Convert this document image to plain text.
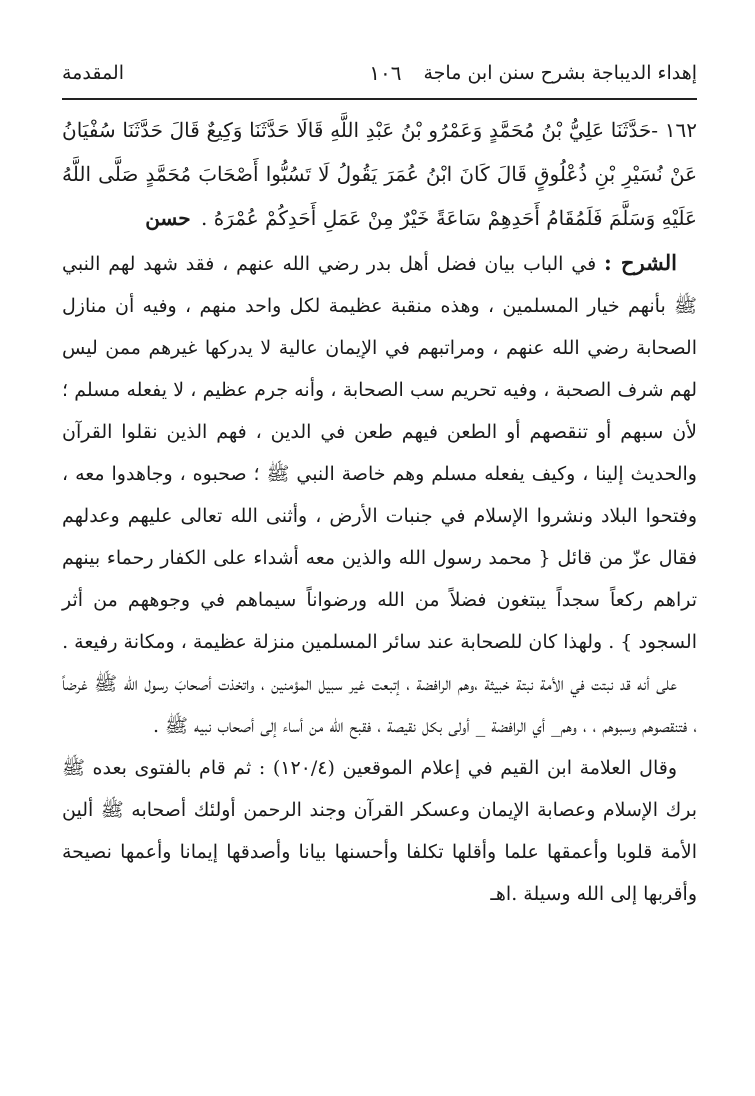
إهداء الديباجة بشرح سنن ابن ماجة
١٠٦
المقدمة

١٦٢ -حَدَّثَنَا عَلِيُّ بْنُ مُحَمَّدٍ وَعَمْرُو بْنُ عَبْدِ اللَّهِ قَالَا حَدَّثَنَا وَكِيعٌ قَالَ حَدَّثَنَا سُفْيَانُ عَنْ نُسَيْرِ بْنِ ذُعْلُوقٍ قَالَ كَانَ ابْنُ عُمَرَ يَقُولُ لَا تَسُبُّوا أَصْحَابَ مُحَمَّدٍ صَلَّى اللَّهُ عَلَيْهِ وَسَلَّمَ فَلَمُقَامُ أَحَدِهِمْ سَاعَةً خَيْرٌ مِنْ عَمَلِ أَحَدِكُمْ عُمْرَهُ . حسن

الشرح : في الباب بيان فضل أهل بدر رضي الله عنهم ، فقد شهد لهم النبي ﷺ بأنهم خيار المسلمين ، وهذه منقبة عظيمة لكل واحد منهم ، وفيه أن منازل الصحابة رضي الله عنهم ، ومراتبهم في الإيمان عالية لا يدركها غيرهم ممن ليس لهم شرف الصحبة ، وفيه تحريم سب الصحابة ، وأنه جرم عظيم ، لا يفعله مسلم ؛ لأن سبهم أو تنقصهم أو الطعن فيهم طعن في الدين ، فهم الذين نقلوا القرآن والحديث إلينا ، وكيف يفعله مسلم وهم خاصة النبي ﷺ ؛ صحبوه ، وجاهدوا معه ، وفتحوا البلاد ونشروا الإسلام في جنبات الأرض ، وأثنى الله تعالى عليهم وعدلهم فقال عزّ من قائل { محمد رسول الله والذين معه أشداء على الكفار رحماء بينهم تراهم ركعاً سجداً يبتغون فضلاً من الله ورضواناً سيماهم في وجوههم من أثر السجود } . ولهذا كان للصحابة عند سائر المسلمين منزلة عظيمة ، ومكانة رفيعة .

على أنه قد نبتت في الأمة نبتة خبيثة ،وهم الرافضة ، إتبعت غير سبيل المؤمنين ، واتخذت أصحابَ رسول الله ﷺ غرضاً ، فتنقصوهم وسبوهم ، ، وهم_ أي الرافضة _ أولى بكل نقيصة ، فقبح الله من أساء إلى أصحاب نبيه ﷺ .

وقال العلامة ابن القيم في إعلام الموقعين (١٢٠/٤) : ثم قام بالفتوى بعده ﷺ برك الإسلام وعصابة الإيمان وعسكر القرآن وجند الرحمن أولئك أصحابه ﷺ ألين الأمة قلوبا وأعمقها علما وأقلها تكلفا وأحسنها بيانا وأصدقها إيمانا وأعمها نصيحة وأقربها إلى الله وسيلة .اهـ
